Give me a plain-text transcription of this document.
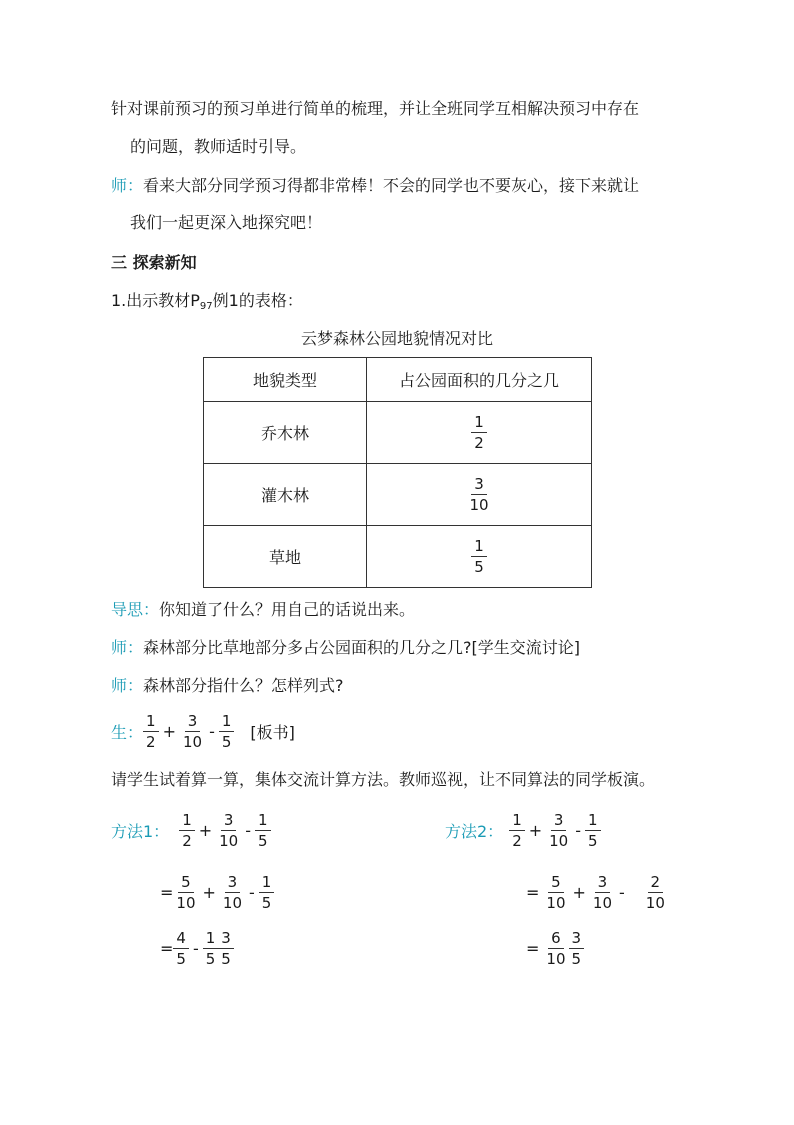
针对课前预习的预习单进行简单的梳理，并让全班同学互相解决预习中存在
的问题，教师适时引导。
师：看来大部分同学预习得都非常棒！不会的同学也不要灰心，接下来就让
我们一起更深入地探究吧！
三 探索新知
1.出示教材$P_{97}$例1的表格：
云梦森林公园地貌情况对比
地貌类型	占公园面积的几分之几
乔木林	$\frac{1}{2}$

灌木林	$\frac{3}{10}$

草地	$\frac{1}{5}$
导思：你知道了什么？用自己的话说出来。
师：森林部分比草地部分多占公园面积的几分之几?[学生交流讨论]
师：森林部分指什么？怎样列式?
生： $\frac{1}{2} + \frac{3}{10} - \frac{1}{5}$ [板书]
请学生试着算一算，集体交流计算方法。教师巡视，让不同算法的同学板演。
方法1： $\frac{1}{2} + \frac{3}{10} - \frac{1}{5}$
= $\frac{5}{10} + \frac{3}{10} - \frac{1}{5}$
= $\frac{4}{5} - \frac{1}{5} \frac{3}{5}$
方法2： $\frac{1}{2} + \frac{3}{10} - \frac{1}{5}$
= $\frac{5}{10} + \frac{3}{10} - \frac{2}{10}$
= $\frac{6}{10} \frac{3}{5}$
